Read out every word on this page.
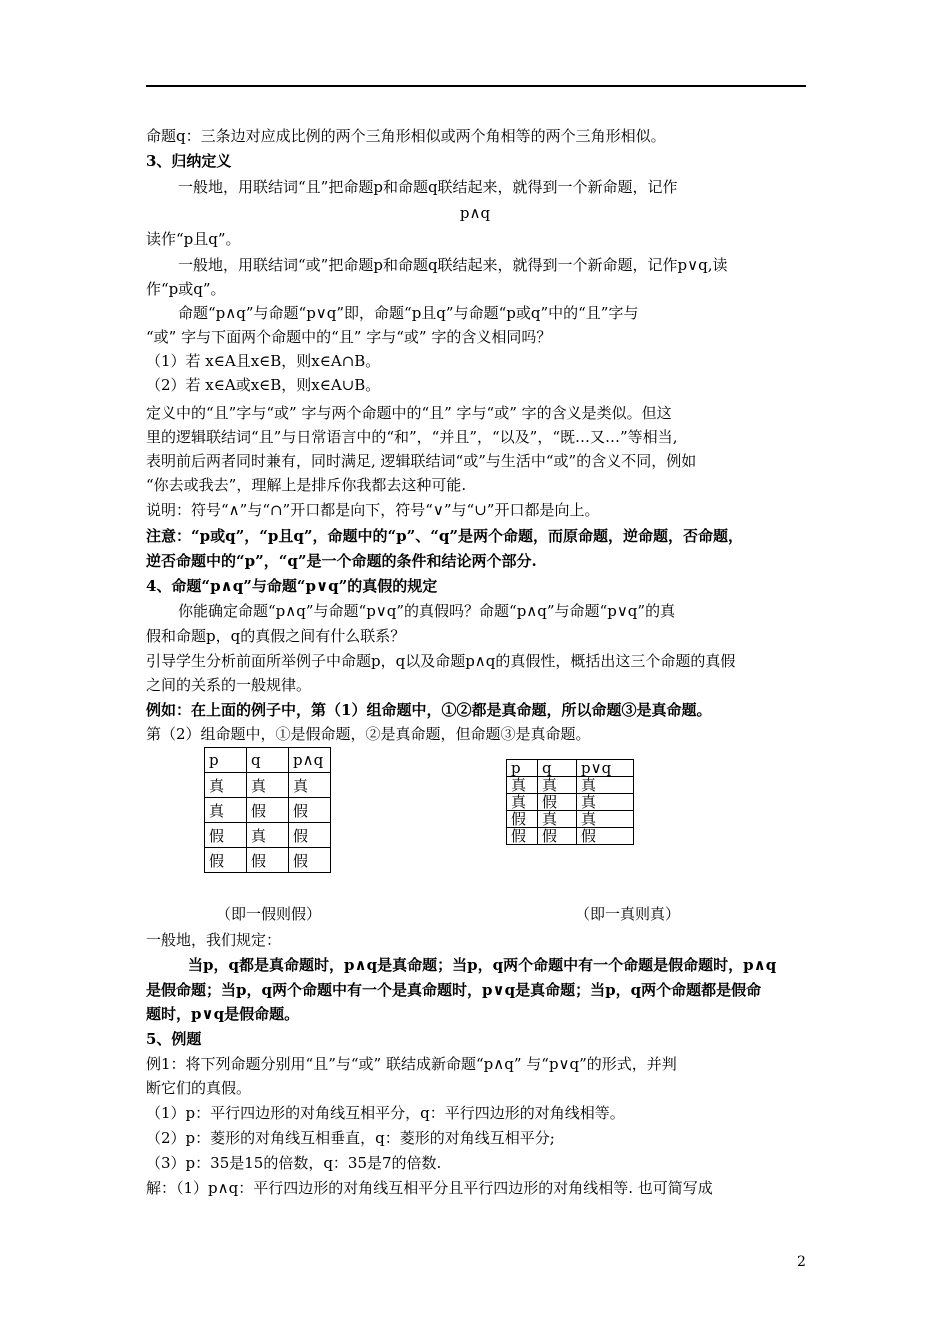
命题q：三条边对应成比例的两个三角形相似或两个角相等的两个三角形相似。
3、归纳定义
一般地，用联结词“且”把命题p和命题q联结起来，就得到一个新命题，记作
p∧q
读作“p且q”。
一般地，用联结词“或”把命题p和命题q联结起来，就得到一个新命题，记作p∨q,读
作“p或q”。
命题“p∧q”与命题“p∨q”即，命题“p且q”与命题“p或q”中的“且”字与
“或” 字与下面两个命题中的“且” 字与“或” 字的含义相同吗？
（1）若 x∈A且x∈B，则x∈A∩B。
（2）若 x∈A或x∈B，则x∈A∪B。
定义中的“且”字与“或” 字与两个命题中的“且” 字与“或” 字的含义是类似。但这
里的逻辑联结词“且”与日常语言中的“和”，“并且”，“以及”，“既…又…”等相当,
表明前后两者同时兼有，同时满足, 逻辑联结词“或”与生活中“或”的含义不同，例如
“你去或我去”，理解上是排斥你我都去这种可能.
说明：符号“∧”与“∩”开口都是向下，符号“∨”与“∪”开口都是向上。
注意：“p或q”，“p且q”，命题中的“p”、“q”是两个命题，而原命题，逆命题，否命题，
逆否命题中的“p”，“q”是一个命题的条件和结论两个部分.
4、命题“p∧q”与命题“p∨q”的真假的规定
你能确定命题“p∧q”与命题“p∨q”的真假吗？命题“p∧q”与命题“p∨q”的真
假和命题p，q的真假之间有什么联系？
引导学生分析前面所举例子中命题p，q以及命题p∧q的真假性，概括出这三个命题的真假
之间的关系的一般规律。
例如：在上面的例子中，第（1）组命题中，①②都是真命题，所以命题③是真命题。
第（2）组命题中，①是假命题，②是真命题，但命题③是真命题。
p	q	p∧q
真	真	真
真	假	假
假	真	假
假	假	假
p	q	p∨q
真	真	真
真	假	真
假	真	真
假	假	假
（即一假则假）	（即一真则真）
一般地，我们规定：
当p，q都是真命题时，p∧q是真命题；当p，q两个命题中有一个命题是假命题时，p∧q
是假命题；当p，q两个命题中有一个是真命题时，p∨q是真命题；当p，q两个命题都是假命
题时，p∨q是假命题。
5、例题
例1：将下列命题分别用“且”与“或” 联结成新命题“p∧q” 与“p∨q”的形式，并判
断它们的真假。
（1）p：平行四边形的对角线互相平分，q：平行四边形的对角线相等。
（2）p：菱形的对角线互相垂直，q：菱形的对角线互相平分;
（3）p：35是15的倍数，q：35是7的倍数.
解：（1）p∧q：平行四边形的对角线互相平分且平行四边形的对角线相等. 也可简写成
2
